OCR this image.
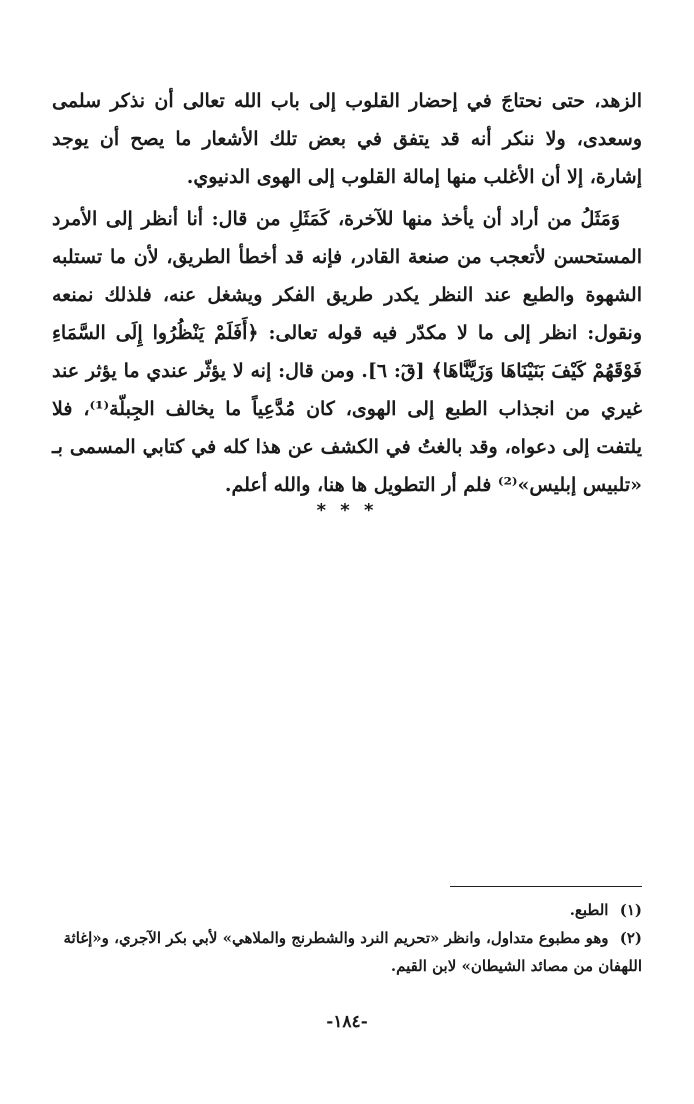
الزهد، حتى نحتاجَ في إحضار القلوب إلى باب الله تعالى أن نذكر سلمى وسعدى، ولا ننكر أنه قد يتفق في بعض تلك الأشعار ما يصح أن يوجد إشارة، إلا أن الأغلب منها إمالة القلوب إلى الهوى الدنيوي.

وَمَثَلُ من أراد أن يأخذ منها للآخرة، كَمَثَلِ من قال: أنا أنظر إلى الأمرد المستحسن لأتعجب من صنعة القادر، فإنه قد أخطأ الطريق، لأن ما تستلبه الشهوة والطبع عند النظر يكدر طريق الفكر ويشغل عنه، فلذلك نمنعه ونقول: انظر إلى ما لا مكدّر فيه قوله تعالى: ﴿أَفَلَمْ يَنْظُرُوا إِلَى السَّمَاءِ فَوْقَهُمْ كَيْفَ بَنَيْنَاهَا وَزَيَّنَّاهَا﴾ [قٓ: ٦]. ومن قال: إنه لا يؤثّر عندي ما يؤثر عند غيري من انجذاب الطبع إلى الهوى، كان مُدَّعِياً ما يخالف الجِبلّة⁽¹⁾، فلا يلتفت إلى دعواه، وقد بالغتُ في الكشف عن هذا كله في كتابي المسمى بـ «تلبيس إبليس»⁽²⁾ فلم أر التطويل ها هنا، والله أعلم.

* * *

(١) الطبع.

(٢) وهو مطبوع متداول، وانظر «تحريم النرد والشطرنج والملاهي» لأبي بكر الآجري، و«إغاثة اللهفان من مصائد الشيطان» لابن القيم.

-١٨٤-
